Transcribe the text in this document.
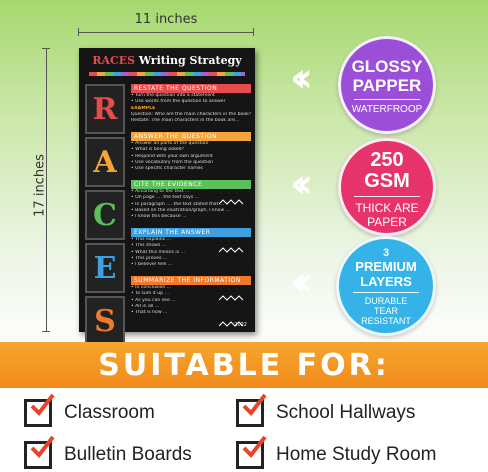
11 inches
17 inches
RACES Writing Strategy
R
A
C
E
S
RESTATE THE QUESTION
• Turn the question into a statement
• Use words from the question to answer
EXAMPLE
Question: Who are the main characters in the book?
Restate: The main characters in the book are...
ANSWER THE QUESTION
• Answer all parts of the question
• What is being asked?
• Respond with your own argument
• Use vocabulary from the question
• Use specific character names
CITE THE EVIDENCE
• According to the text ...
• On page .... the text says ...
• In paragraph .... the text stated that ...
• Based on the illustration/graph, I know ...
• I know this because ...
EXPLAIN THE ANSWER
• This explains ...
• This shows ...
• What this means is ...
• This proves ...
• I believe/ feel ...
SUMMARIZE THE INFORMATION
• In conclusion ...
• To sum it up ...
• As you can see ...
• All in all ...
• That is how ...
2022
‹‹
‹‹
‹‹
GLOSSY
PAPPER
WATERFROOP
250
GSM
THICK ARE
PAPER
3
PREMIUM
LAYERS
DURABLE
TEAR
RESISTANT
SUITABLE FOR:
Classroom	School Hallways
Bulletin Boards	Home Study Room
